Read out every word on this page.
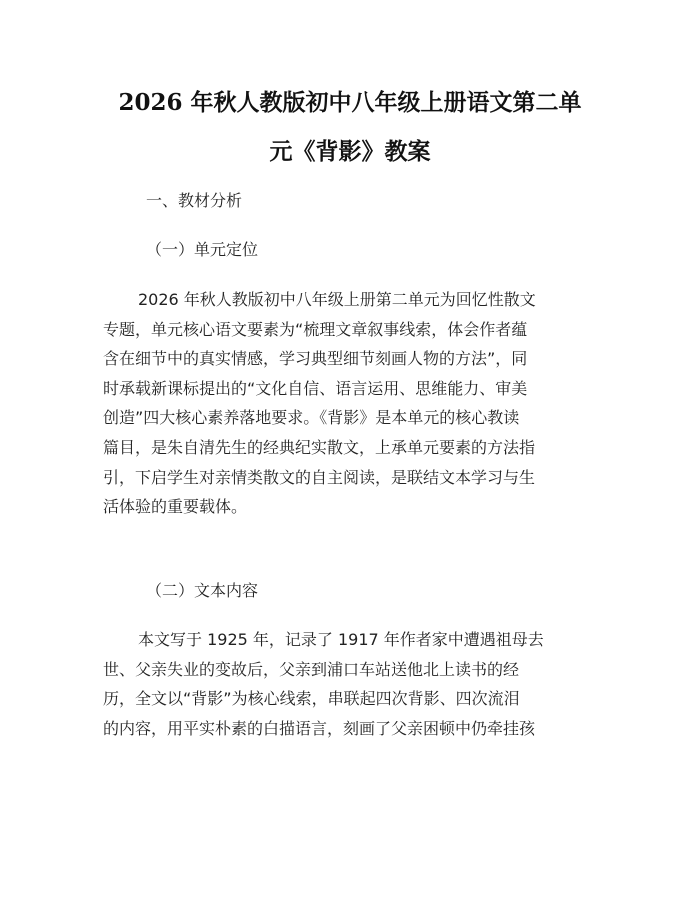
2026 年秋人教版初中八年级上册语文第二单
元《背影》教案

一、教材分析

（一）单元定位

2026 年秋人教版初中八年级上册第二单元为回忆性散文
专题，单元核心语文要素为“梳理文章叙事线索，体会作者蕴
含在细节中的真实情感，学习典型细节刻画人物的方法”，同
时承载新课标提出的“文化自信、语言运用、思维能力、审美
创造”四大核心素养落地要求。《背影》是本单元的核心教读
篇目，是朱自清先生的经典纪实散文，上承单元要素的方法指
引，下启学生对亲情类散文的自主阅读，是联结文本学习与生
活体验的重要载体。

（二）文本内容

本文写于 1925 年，记录了 1917 年作者家中遭遇祖母去
世、父亲失业的变故后，父亲到浦口车站送他北上读书的经
历，全文以“背影”为核心线索，串联起四次背影、四次流泪
的内容，用平实朴素的白描语言，刻画了父亲困顿中仍牵挂孩
